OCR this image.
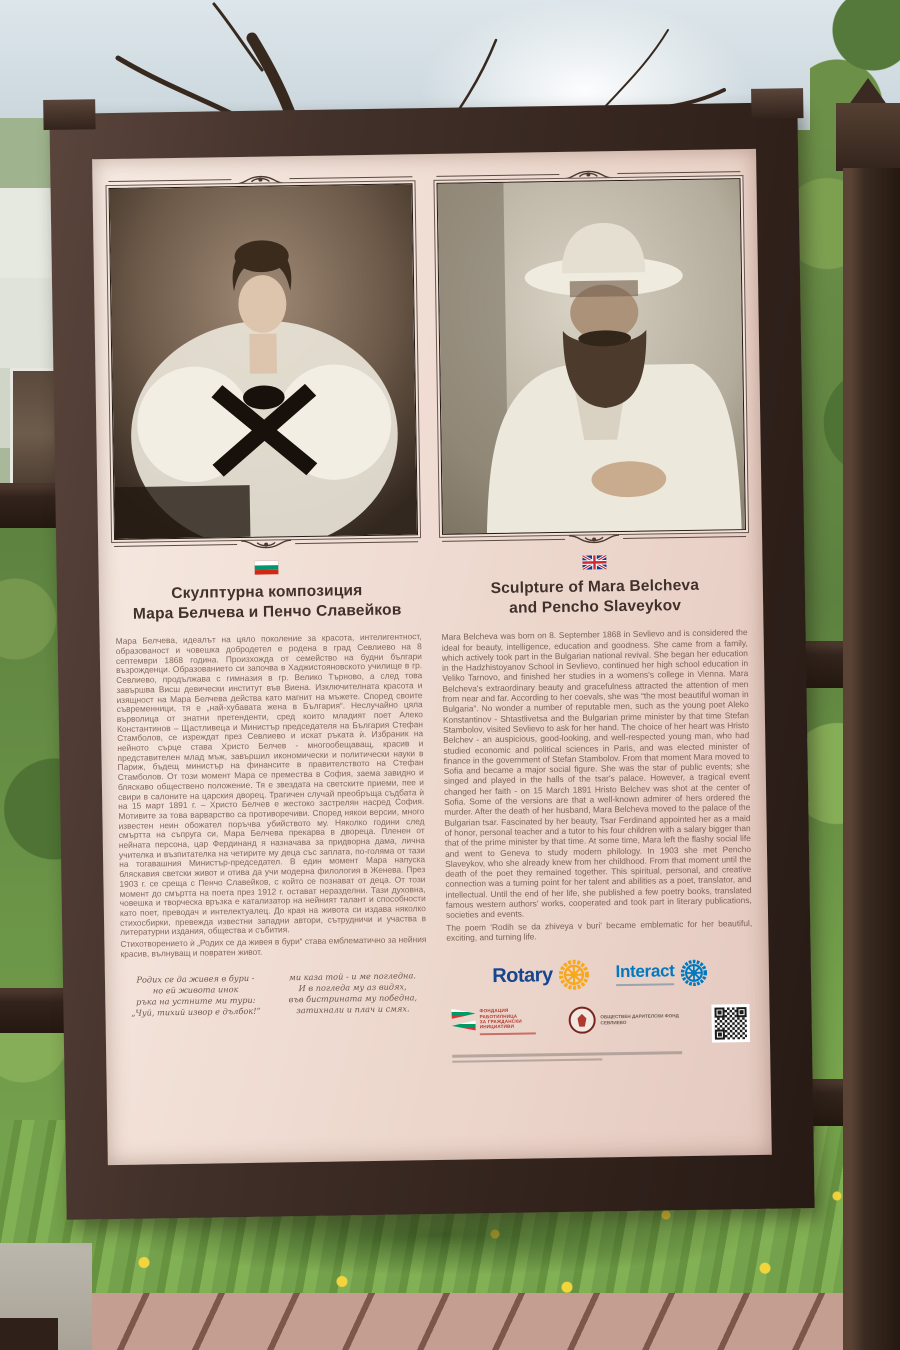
Скулптурна композиция
Мара Белчева и Пенчо Славейков
Sculpture of Mara Belcheva
and Pencho Slaveykov

Мара Белчева, идеалът на цяло поколение за красота, интелигентност, образованост и човешка добродетел е родена в град Севлиево на 8 септември 1868 година. Произхожда от семейство на будни българи възрожденци. Образованието си започва в Хаджистояновското училище в гр. Севлиево, продължава с гимназия в гр. Велико Търново, а след това завършва Висш девически институт във Виена. Изключителната красота и изящност на Мара Белчева действа като магнит на мъжете. Според своите съвременници, тя е „най-хубавата жена в България“. Неслучайно цяла върволица от знатни претенденти, сред които младият поет Алеко Константинов – Щастливеца и Министър председателя на България Стефан Стамболов, се изреждат през Севлиево и искат ръката ѝ. Избраник на нейното сърце става Христо Белчев - многообещаващ, красив и представителен млад мъж, завършил икономически и политически науки в Париж, бъдещ министър на финансите в правителството на Стефан Стамболов. От този момент Мара се премества в София, заема завидно и бляскаво обществено положение. Тя е звездата на светските приеми, пее и свири в салоните на царския дворец. Трагичен случай преобръща съдбата ѝ на 15 март 1891 г. – Христо Белчев е жестоко застрелян насред София. Мотивите за това варварство са противоречиви. Според някои версии, много известен неин обожател поръчва убийството му. Няколко години след смъртта на съпруга си, Мара Белчева прекарва в двореца. Пленен от нейната персона, цар Фердинанд я назначава за придворна дама, лична учителка и възпитателка на четирите му деца със заплата, по-голяма от тази на тогавашния Министър-председател. В един момент Мара напуска бляскавия светски живот и отива да учи модерна филология в Женева. През 1903 г. се среща с Пенчо Славейков, с който се познават от деца. От този момент до смъртта на поета през 1912 г. остават неразделни. Тази духовна, човешка и творческа връзка е катализатор на нейният талант и способности като поет, преводач и интелектуалец. До края на живота си издава няколко стихосбирки, превежда известни западни автори, сътрудничи и участва в литературни издания, общества и събития.

Стихотворението ѝ „Родих се да живея в бури“ става емблематично за нейния красив, вълнуващ и повратен живот.

Родих се да живея в бури -
но ей живота инок
ръка на устните ми тури:
„Чуй, тихий извор е дълбок!“
ми каза той - и ме погледна.
И в погледа му аз видях,
във бистрината му победна,
затихнали и плач и смях.

Mara Belcheva was born on 8. September 1868 in Sevlievo and is considered the ideal for beauty, intelligence, education and goodness. She came from a family, which actively took part in the Bulgarian national revival. She began her education in the Hadzhistoyanov School in Sevlievo, continued her high school education in Veliko Tarnovo, and finished her studies in a womens's college in Vienna. Mara Belcheva's extraordinary beauty and gracefulness attracted the attention of men from near and far. According to her coevals, she was “the most beautiful woman in Bulgaria”. No wonder a number of reputable men, such as the young poet Aleko Konstantinov - Shtastlivetsa and the Bulgarian prime minister by that time Stefan Stambolov, visited Sevlievo to ask for her hand. The choice of her heart was Hristo Belchev - an auspicious, good-looking, and well-respected young man, who had studied economic and political sciences in Paris, and was elected minister of finance in the government of Stefan Stambolov. From that moment Mara moved to Sofia and became a major social figure. She was the star of public events; she singed and played in the halls of the tsar's palace. However, a tragical event changed her faith - on 15 March 1891 Hristo Belchev was shot at the center of Sofia. Some of the versions are that a well-known admirer of hers ordered the murder. After the death of her husband, Mara Belcheva moved to the palace of the Bulgarian tsar. Fascinated by her beauty, Tsar Ferdinand appointed her as a maid of honor, personal teacher and a tutor to his four children with a salary bigger than that of the prime minister by that time. At some time, Mara left the flashy social life and went to Geneva to study modern philology. In 1903 she met Pencho Slaveykov, who she already knew from her childhood. From that moment until the death of the poet they remained together. This spiritual, personal, and creative connection was a turning point for her talent and abilities as a poet, translator, and intellectual. Until the end of her life, she published a few poetry books, translated famous western authors' works, cooperated and took part in literary publications, societies and events.

The poem 'Rodih se da zhiveya v buri' became emblematic for her beautiful, exciting, and turning life.

Rotary	Interact
ФОНДАЦИЯ
РАБОТИЛНИЦА
ЗА ГРАЖДАНСКИ
ИНИЦИАТИВИ
ОБЩЕСТВЕН ДАРИТЕЛСКИ ФОНД
СЕВЛИЕВО
